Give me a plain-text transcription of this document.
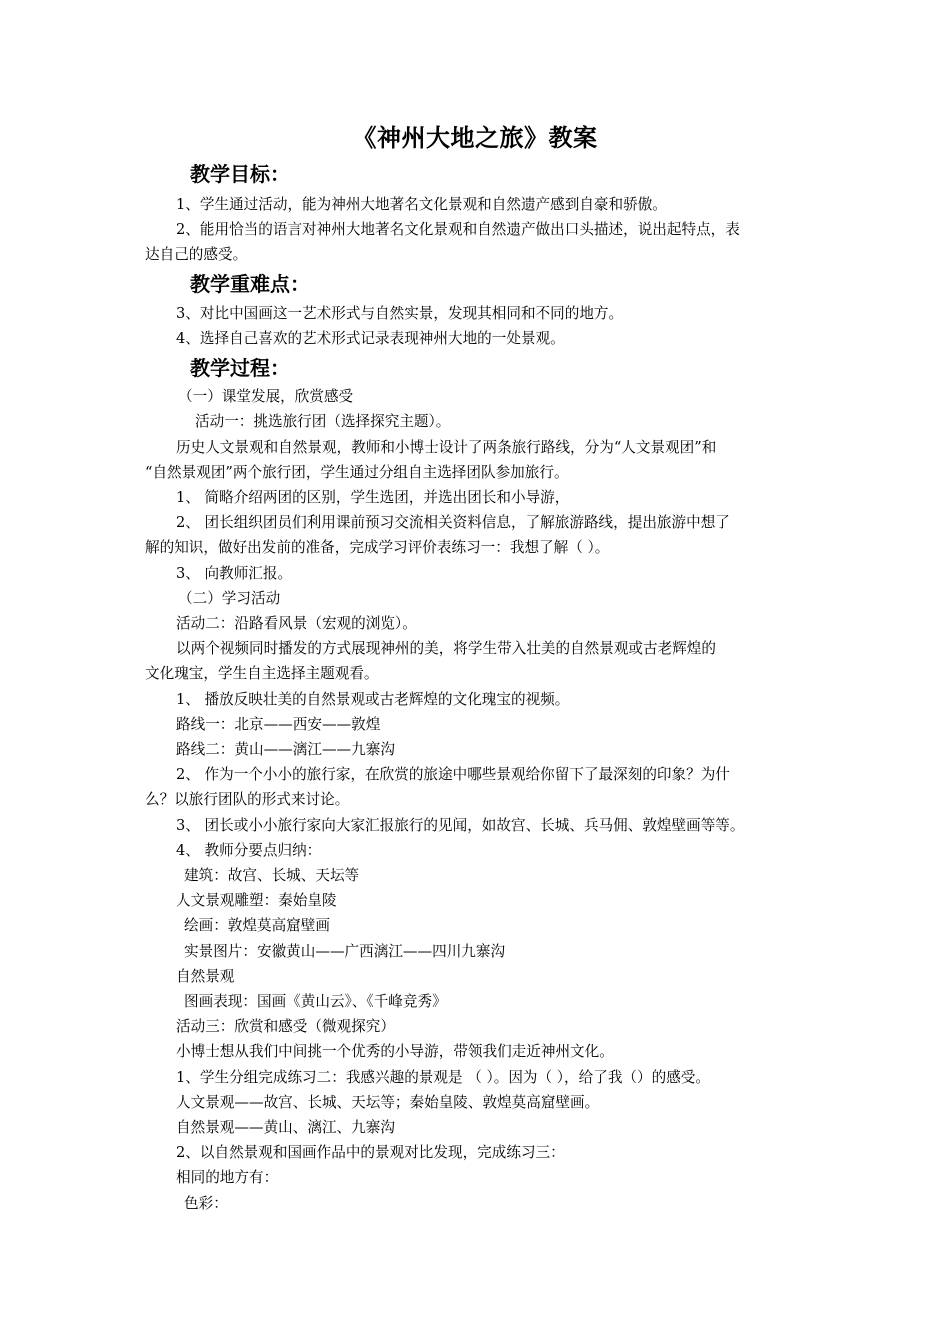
《神州大地之旅》教案
教学目标：
1、学生通过活动，能为神州大地著名文化景观和自然遗产感到自豪和骄傲。
2、能用恰当的语言对神州大地著名文化景观和自然遗产做出口头描述，说出起特点，表
达自己的感受。
教学重难点：
3、对比中国画这一艺术形式与自然实景，发现其相同和不同的地方。
4、选择自己喜欢的艺术形式记录表现神州大地的一处景观。
教学过程：
（一）课堂发展，欣赏感受
活动一：挑选旅行团（选择探究主题）。
历史人文景观和自然景观，教师和小博士设计了两条旅行路线，分为“人文景观团”和
“自然景观团”两个旅行团，学生通过分组自主选择团队参加旅行。
1、 简略介绍两团的区别，学生选团，并选出团长和小导游，
2、 团长组织团员们利用课前预习交流相关资料信息，了解旅游路线，提出旅游中想了
解的知识，做好出发前的准备，完成学习评价表练习一：我想了解（ ）。
3、 向教师汇报。
（二）学习活动
活动二：沿路看风景（宏观的浏览）。
以两个视频同时播发的方式展现神州的美，将学生带入壮美的自然景观或古老辉煌的
文化瑰宝，学生自主选择主题观看。
1、 播放反映壮美的自然景观或古老辉煌的文化瑰宝的视频。
路线一：北京——西安——敦煌
路线二：黄山——漓江——九寨沟
2、 作为一个小小的旅行家，在欣赏的旅途中哪些景观给你留下了最深刻的印象？为什
么？以旅行团队的形式来讨论。
3、 团长或小小旅行家向大家汇报旅行的见闻，如故宫、长城、兵马佣、敦煌壁画等等。
4、 教师分要点归纳：
建筑：故宫、长城、天坛等
人文景观雕塑：秦始皇陵
绘画：敦煌莫高窟壁画
实景图片：安徽黄山——广西漓江——四川九寨沟
自然景观
图画表现：国画《黄山云》、《千峰竞秀》
活动三：欣赏和感受（微观探究）
小博士想从我们中间挑一个优秀的小导游，带领我们走近神州文化。
1、学生分组完成练习二：我感兴趣的景观是 （ ）。因为（ ），给了我（）的感受。
人文景观——故宫、长城、天坛等；秦始皇陵、敦煌莫高窟壁画。
自然景观——黄山、漓江、九寨沟
2、以自然景观和国画作品中的景观对比发现，完成练习三：
相同的地方有：
色彩：
